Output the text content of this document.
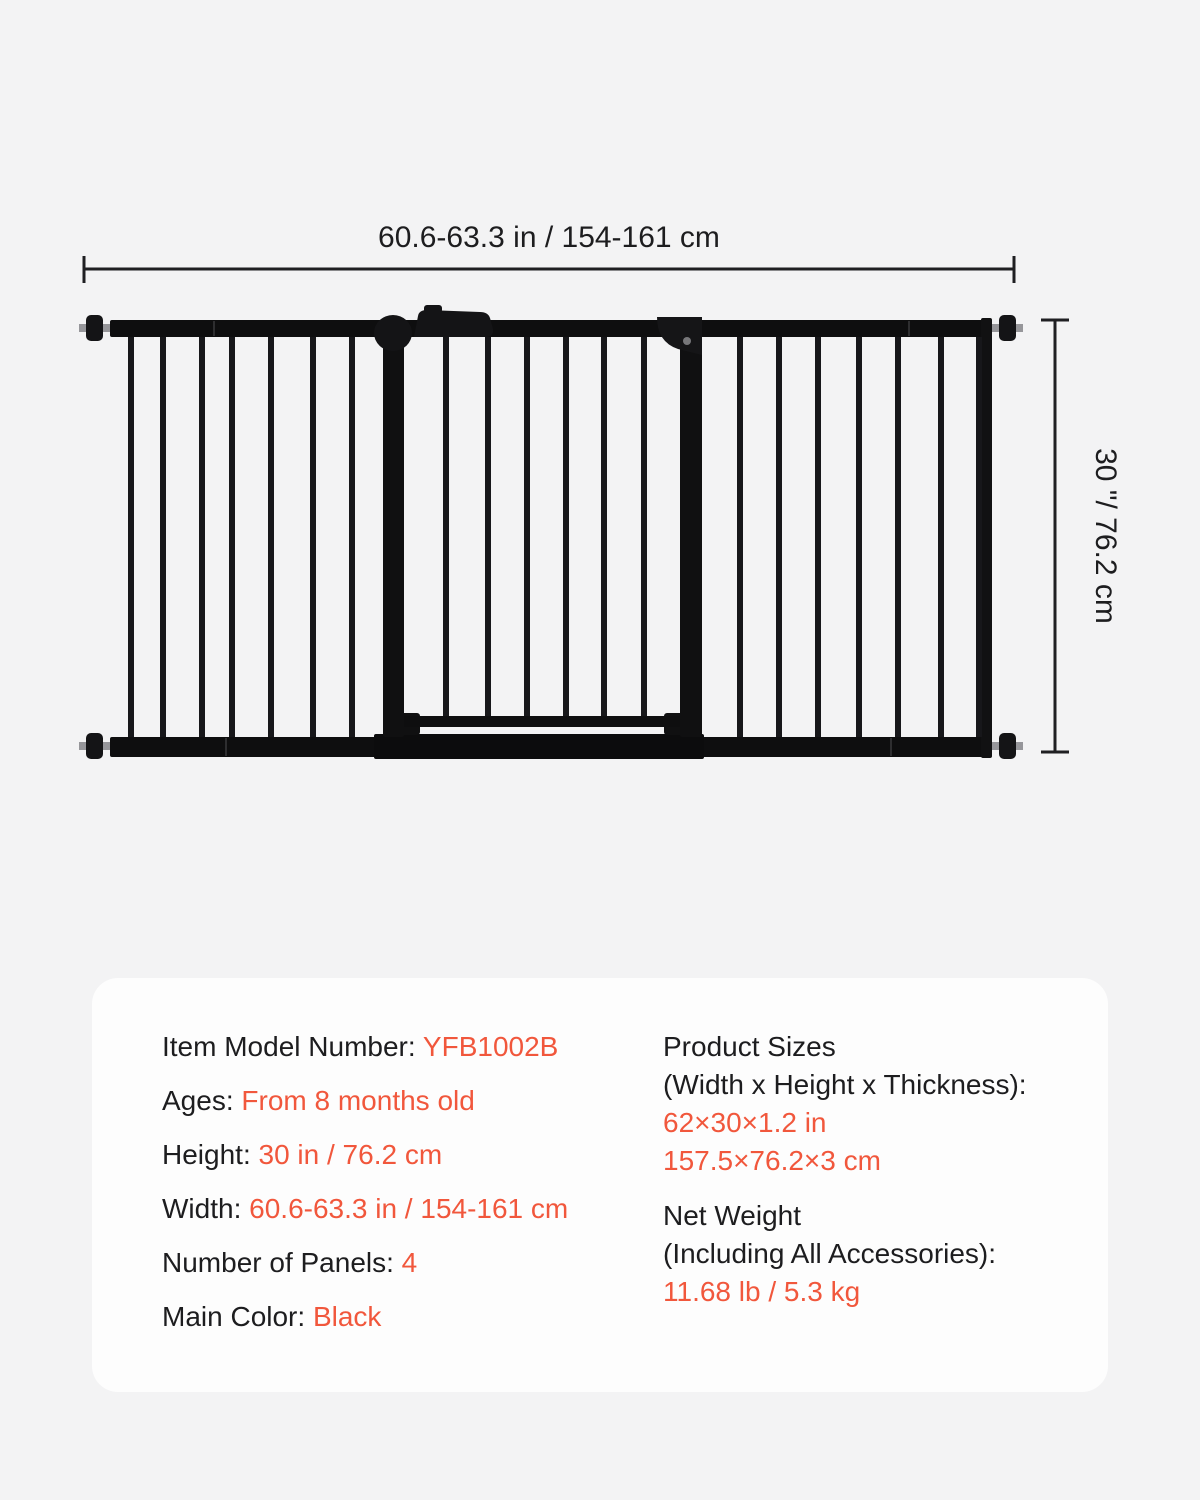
60.6-63.3 in / 154-161 cm
30 "/ 76.2 cm

Item Model Number: YFB1002B

Ages: From 8 months old

Height: 30 in / 76.2 cm

Width: 60.6-63.3 in / 154-161 cm

Number of Panels: 4

Main Color: Black

Product Sizes

(Width x Height x Thickness):

62×30×1.2 in

157.5×76.2×3 cm

Net Weight

(Including All Accessories):

11.68 lb / 5.3 kg
